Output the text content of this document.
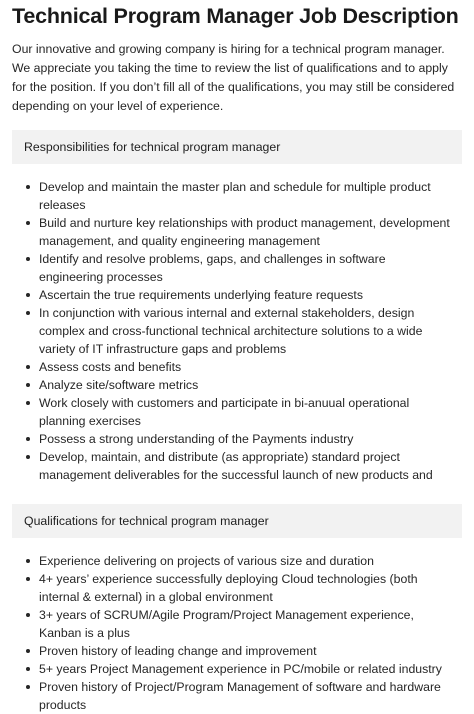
Technical Program Manager Job Description

Our innovative and growing company is hiring for a technical program manager. We appreciate you taking the time to review the list of qualifications and to apply for the position. If you don’t fill all of the qualifications, you may still be considered depending on your level of experience.

Responsibilities for technical program manager
Develop and maintain the master plan and schedule for multiple product releases
Build and nurture key relationships with product management, development management, and quality engineering management
Identify and resolve problems, gaps, and challenges in software engineering processes
Ascertain the true requirements underlying feature requests
In conjunction with various internal and external stakeholders, design complex and cross-functional technical architecture solutions to a wide variety of IT infrastructure gaps and problems
Assess costs and benefits
Analyze site/software metrics
Work closely with customers and participate in bi-anuual operational planning exercises
Possess a strong understanding of the Payments industry
Develop, maintain, and distribute (as appropriate) standard project management deliverables for the successful launch of new products and
Qualifications for technical program manager
Experience delivering on projects of various size and duration
4+ years’ experience successfully deploying Cloud technologies (both internal & external) in a global environment
3+ years of SCRUM/Agile Program/Project Management experience, Kanban is a plus
Proven history of leading change and improvement
5+ years Project Management experience in PC/mobile or related industry
Proven history of Project/Program Management of software and hardware products
